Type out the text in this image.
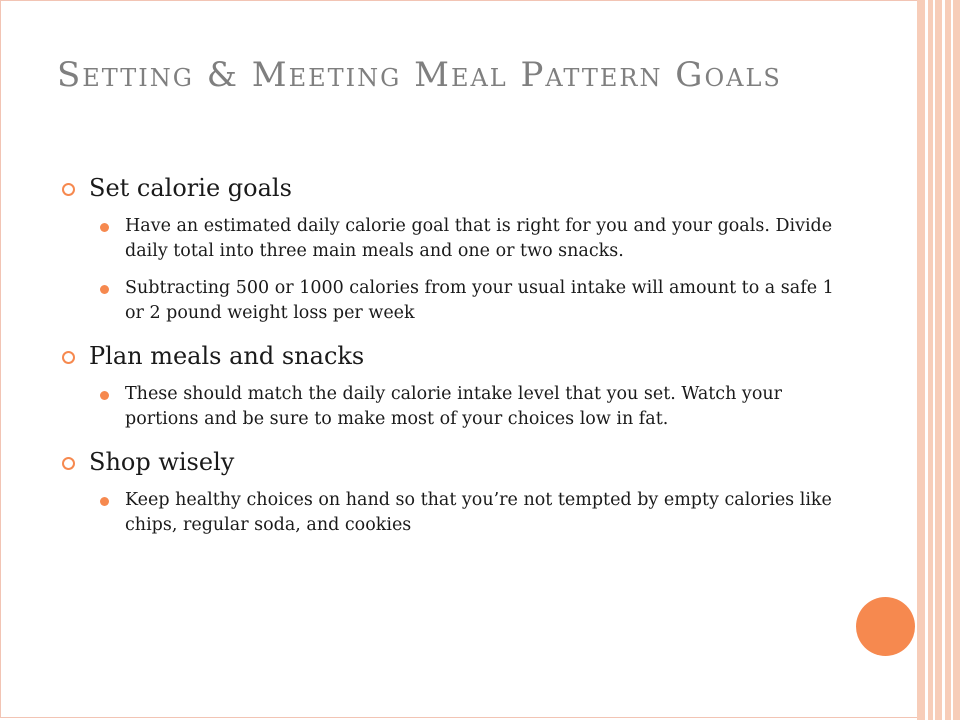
Setting & Meeting Meal Pattern Goals
Set calorie goals
Have an estimated daily calorie goal that is right for you and your goals. Divide daily total into three main meals and one or two snacks.
Subtracting 500 or 1000 calories from your usual intake will amount to a safe 1 or 2 pound weight loss per week
Plan meals and snacks
These should match the daily calorie intake level that you set. Watch your portions and be sure to make most of your choices low in fat.
Shop wisely
Keep healthy choices on hand so that you’re not tempted by empty calories like chips, regular soda, and cookies
